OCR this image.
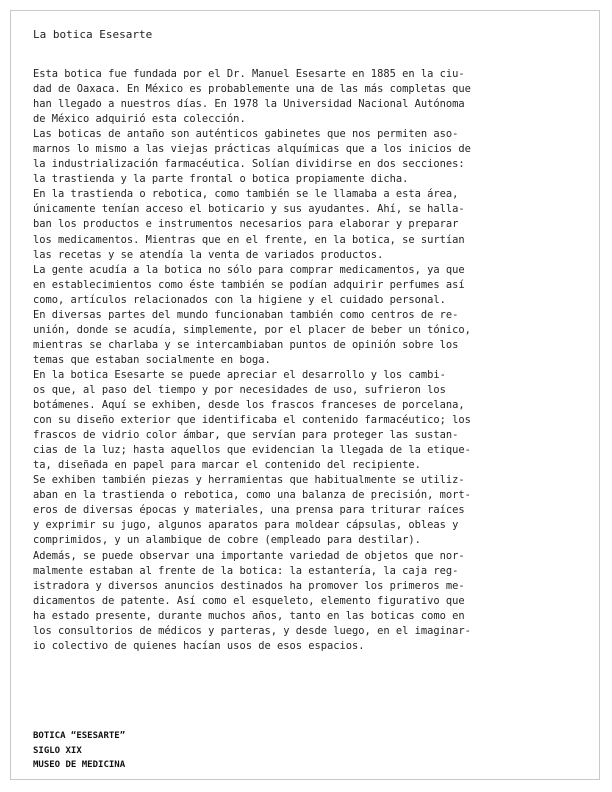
La botica Esesarte
Esta botica fue fundada por el Dr. Manuel Esesarte en 1885 en la ciu-
dad de Oaxaca. En México es probablemente una de las más completas que
han llegado a nuestros días. En 1978 la Universidad Nacional Autónoma
de México adquirió esta colección.
Las boticas de antaño son auténticos gabinetes que nos permiten aso-
marnos lo mismo a las viejas prácticas alquímicas que a los inicios de
la industrialización farmacéutica. Solían dividirse en dos secciones:
la trastienda y la parte frontal o botica propiamente dicha.
En la trastienda o rebotica, como también se le llamaba a esta área,
únicamente tenían acceso el boticario y sus ayudantes. Ahí, se halla-
ban los productos e instrumentos necesarios para elaborar y preparar
los medicamentos. Mientras que en el frente, en la botica, se surtían
las recetas y se atendía la venta de variados productos.
La gente acudía a la botica no sólo para comprar medicamentos, ya que
en establecimientos como éste también se podían adquirir perfumes así
como, artículos relacionados con la higiene y el cuidado personal.
En diversas partes del mundo funcionaban también como centros de re-
unión, donde se acudía, simplemente, por el placer de beber un tónico,
mientras se charlaba y se intercambiaban puntos de opinión sobre los
temas que estaban socialmente en boga.
En la botica Esesarte se puede apreciar el desarrollo y los cambi-
os que, al paso del tiempo y por necesidades de uso, sufrieron los
botámenes. Aquí se exhiben, desde los frascos franceses de porcelana,
con su diseño exterior que identificaba el contenido farmacéutico; los
frascos de vidrio color ámbar, que servían para proteger las sustan-
cias de la luz; hasta aquellos que evidencian la llegada de la etique-
ta, diseñada en papel para marcar el contenido del recipiente.
Se exhiben también piezas y herramientas que habitualmente se utiliz-
aban en la trastienda o rebotica, como una balanza de precisión, mort-
eros de diversas épocas y materiales, una prensa para triturar raíces
y exprimir su jugo, algunos aparatos para moldear cápsulas, obleas y
comprimidos, y un alambique de cobre (empleado para destilar).
Además, se puede observar una importante variedad de objetos que nor-
malmente estaban al frente de la botica: la estantería, la caja reg-
istradora y diversos anuncios destinados ha promover los primeros me-
dicamentos de patente. Así como el esqueleto, elemento figurativo que
ha estado presente, durante muchos años, tanto en las boticas como en
los consultorios de médicos y parteras, y desde luego, en el imaginar-
io colectivo de quienes hacían usos de esos espacios.
BOTICA “ESESARTE”
SIGLO XIX
MUSEO DE MEDICINA
